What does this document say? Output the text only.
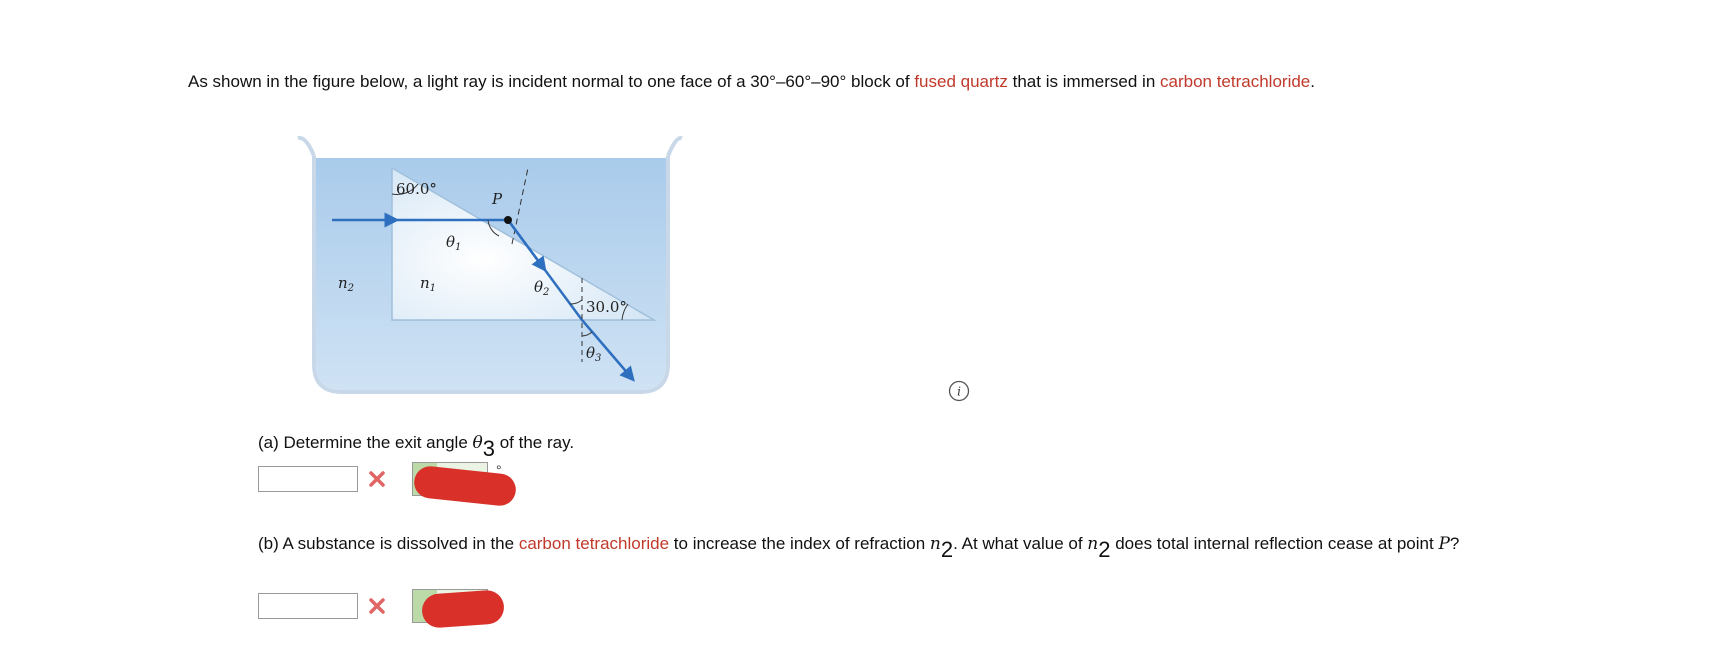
As shown in the figure below, a light ray is incident normal to one face of a 30°–60°–90° block of fused quartz that is immersed in carbon tetrachloride.
60.0°
30.0°
P
$\theta_1$
$\theta_2$
$\theta_3$
$n_2$	$n_1$
i
(a) Determine the exit angle θ3 of the ray.
°
(b) A substance is dissolved in the carbon tetrachloride to increase the index of refraction n2. At what value of n2 does total internal reflection cease at point P?
